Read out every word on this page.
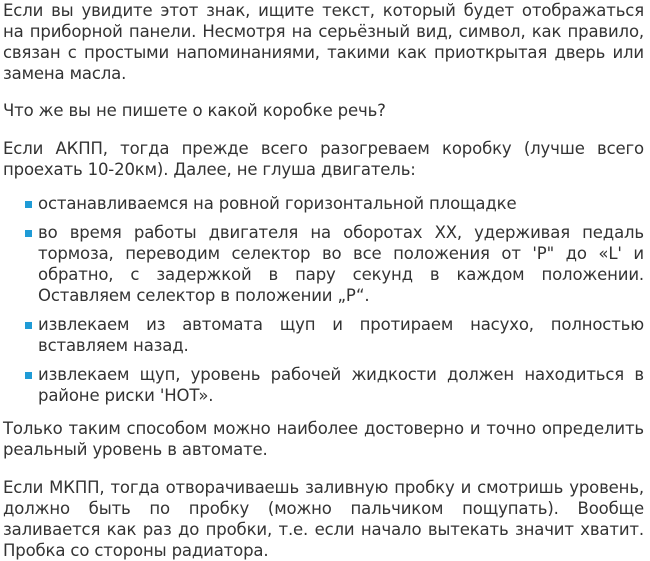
Если вы увидите этот знак, ищите текст, который будет отображаться на приборной панели. Несмотря на серьёзный вид, символ, как правило, связан с простыми напоминаниями, такими как приоткрытая дверь или замена масла.

Что же вы не пишете о какой коробке речь?

Если АКПП, тогда прежде всего разогреваем коробку (лучше всего проехать 10-20км). Далее, не глуша двигатель:

останавливаемся на ровной горизонтальной площадке
во время работы двигателя на оборотах ХХ, удерживая педаль тормоза, переводим селектор во все положения от 'P" до «L' и обратно, с задержкой в пару секунд в каждом положении. Оставляем селектор в положении „P“.
извлекаем из автомата щуп и протираем насухо, полностью вставляем назад.
извлекаем щуп, уровень рабочей жидкости должен находиться в районе риски 'HOT».

Только таким способом можно наиболее достоверно и точно определить реальный уровень в автомате.

Если МКПП, тогда отворачиваешь заливную пробку и смотришь уровень, должно быть по пробку (можно пальчиком пощупать). Вообще заливается как раз до пробки, т.е. если начало вытекать значит хватит. Пробка со стороны радиатора.
